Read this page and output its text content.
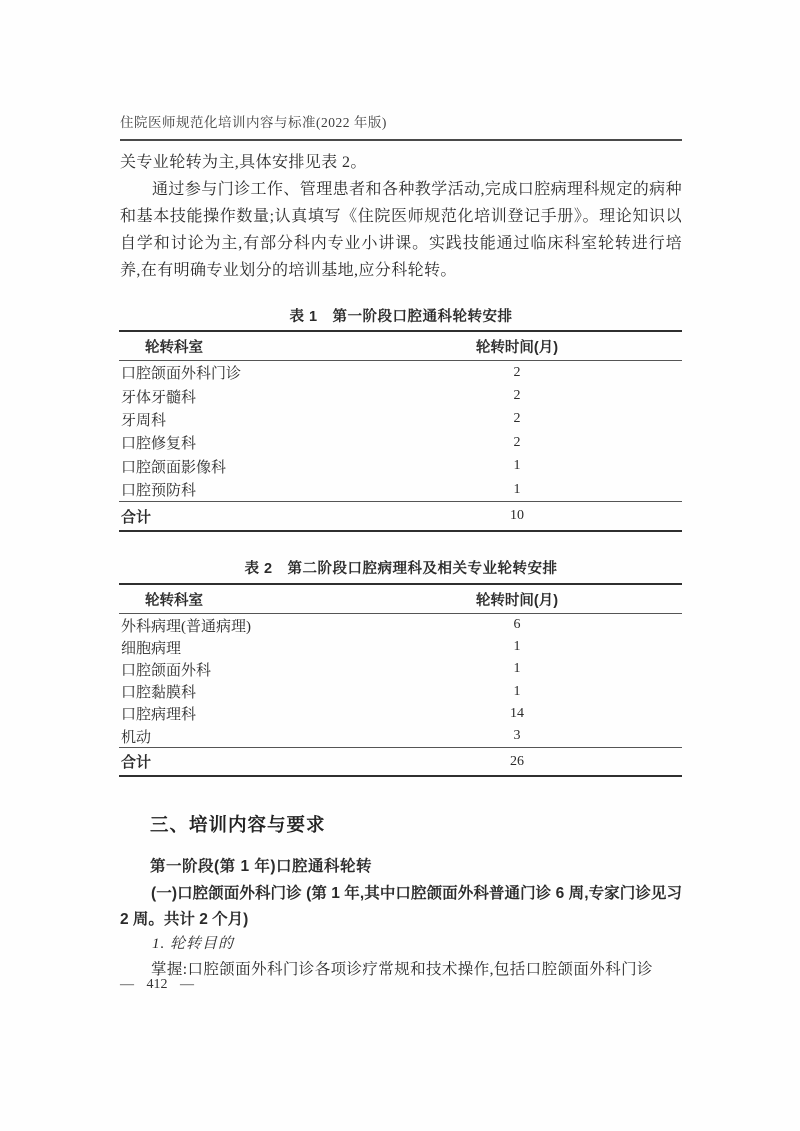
住院医师规范化培训内容与标准(2022 年版)
关专业轮转为主,具体安排见表 2。
通过参与门诊工作、管理患者和各种教学活动,完成口腔病理科规定的病种和基本技能操作数量;认真填写《住院医师规范化培训登记手册》。理论知识以自学和讨论为主,有部分科内专业小讲课。实践技能通过临床科室轮转进行培养,在有明确专业划分的培训基地,应分科轮转。
表 1　第一阶段口腔通科轮转安排
轮转科室	轮转时间(月)
口腔颌面外科门诊	2
牙体牙髓科	2
牙周科	2
口腔修复科	2
口腔颌面影像科	1
口腔预防科	1
合计	10
表 2　第二阶段口腔病理科及相关专业轮转安排
轮转科室	轮转时间(月)
外科病理(普通病理)	6
细胞病理	1
口腔颌面外科	1
口腔黏膜科	1
口腔病理科	14
机动	3
合计	26
三、培训内容与要求
第一阶段(第 1 年)口腔通科轮转
(一)口腔颌面外科门诊 (第 1 年,其中口腔颌面外科普通门诊 6 周,专家门诊见习 2 周。共计 2 个月)
1. 轮转目的
掌握:口腔颌面外科门诊各项诊疗常规和技术操作,包括口腔颌面外科门诊
— 412 —
